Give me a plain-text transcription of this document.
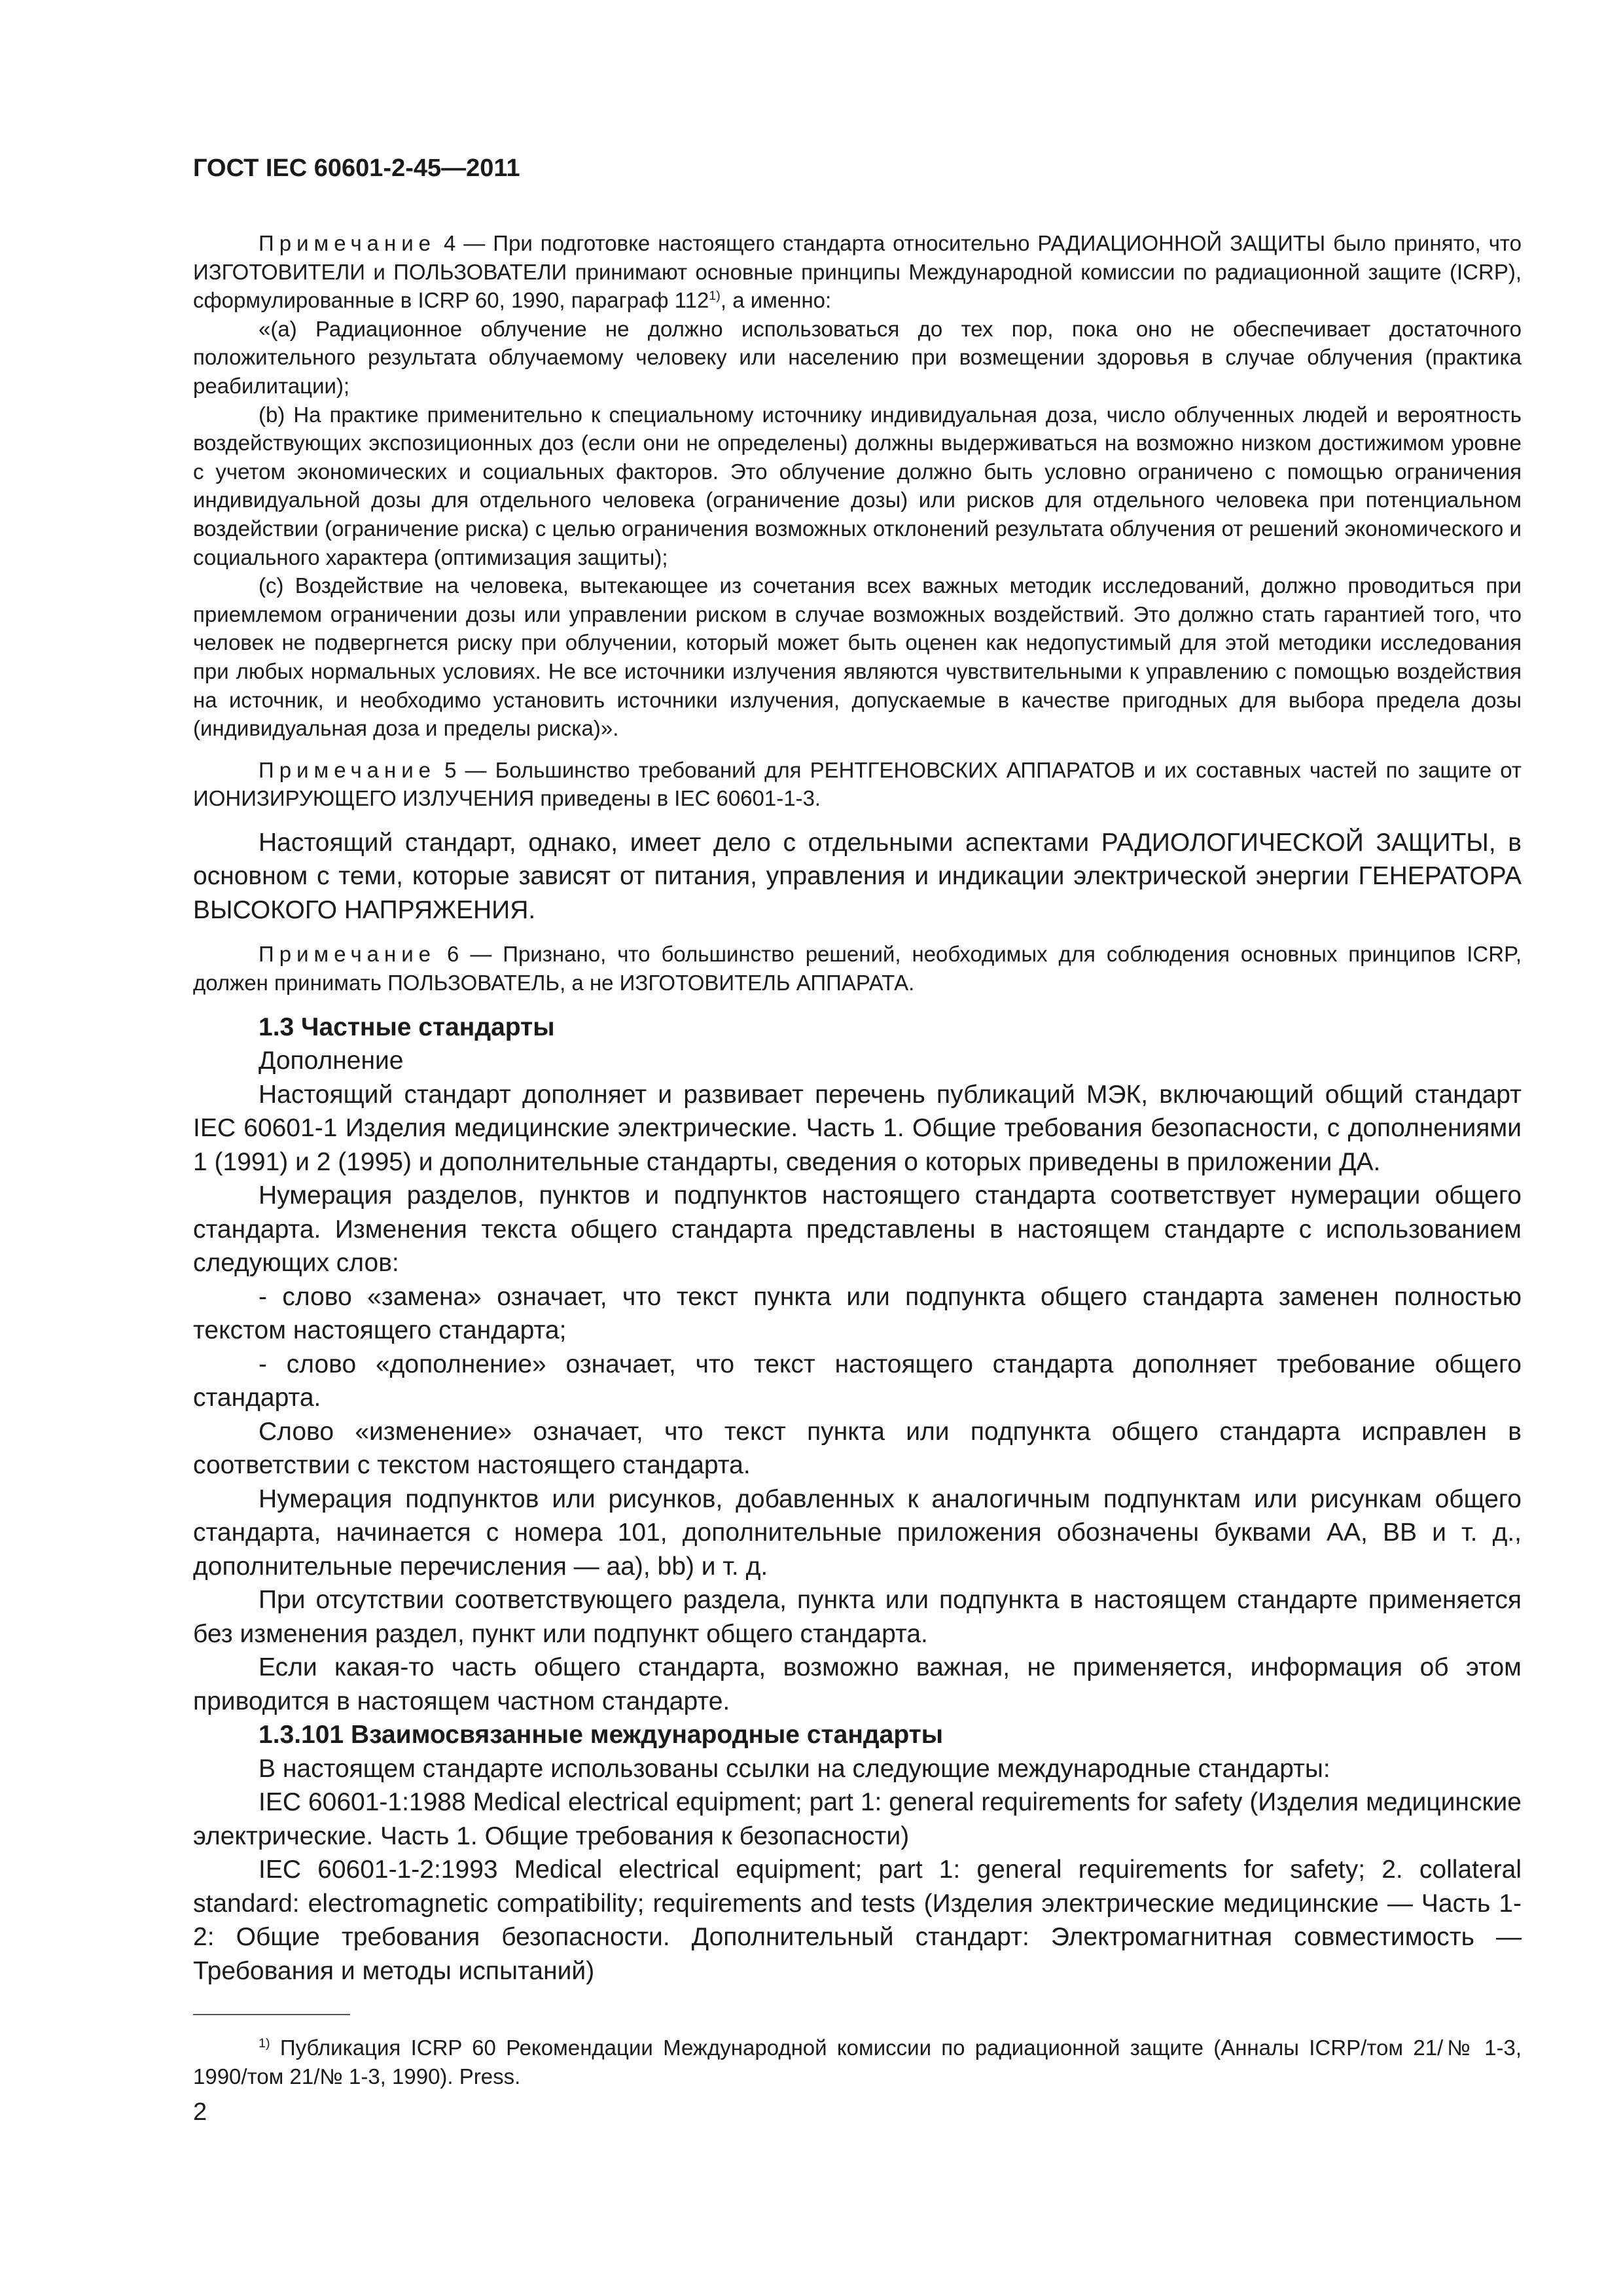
ГОСТ IEC 60601-2-45—2011

Примечание 4 — При подготовке настоящего стандарта относительно РАДИАЦИОННОЙ ЗАЩИТЫ было принято, что ИЗГОТОВИТЕЛИ и ПОЛЬЗОВАТЕЛИ принимают основные принципы Международной комиссии по радиационной защите (ICRP), сформулированные в ICRP 60, 1990, параграф 112$^{1)}$, а именно:

«(a) Радиационное облучение не должно использоваться до тех пор, пока оно не обеспечивает достаточного положительного результата облучаемому человеку или населению при возмещении здоровья в случае облучения (практика реабилитации);

(b) На практике применительно к специальному источнику индивидуальная доза, число облученных людей и вероятность воздействующих экспозиционных доз (если они не определены) должны выдерживаться на возможно низком достижимом уровне с учетом экономических и социальных факторов. Это облучение должно быть условно ограничено с помощью ограничения индивидуальной дозы для отдельного человека (ограничение дозы) или рисков для отдельного человека при потенциальном воздействии (ограничение риска) с целью ограничения возможных отклонений результата облучения от решений экономического и социального характера (оптимизация защиты);

(c) Воздействие на человека, вытекающее из сочетания всех важных методик исследований, должно проводиться при приемлемом ограничении дозы или управлении риском в случае возможных воздействий. Это должно стать гарантией того, что человек не подвергнется риску при облучении, который может быть оценен как недопустимый для этой методики исследования при любых нормальных условиях. Не все источники излучения являются чувствительными к управлению с помощью воздействия на источник, и необходимо установить источники излучения, допускаемые в качестве пригодных для выбора предела дозы (индивидуальная доза и пределы риска)».

Примечание 5 — Большинство требований для РЕНТГЕНОВСКИХ АППАРАТОВ и их составных частей по защите от ИОНИЗИРУЮЩЕГО ИЗЛУЧЕНИЯ приведены в IEC 60601-1-3.

Настоящий стандарт, однако, имеет дело с отдельными аспектами РАДИОЛОГИЧЕСКОЙ ЗАЩИТЫ, в основном с теми, которые зависят от питания, управления и индикации электрической энергии ГЕНЕРАТОРА ВЫСОКОГО НАПРЯЖЕНИЯ.

Примечание 6 — Признано, что большинство решений, необходимых для соблюдения основных принципов ICRP, должен принимать ПОЛЬЗОВАТЕЛЬ, а не ИЗГОТОВИТЕЛЬ АППАРАТА.

1.3 Частные стандарты

Дополнение

Настоящий стандарт дополняет и развивает перечень публикаций МЭК, включающий общий стандарт IEC 60601-1 Изделия медицинские электрические. Часть 1. Общие требования безопасности, с дополнениями 1 (1991) и 2 (1995) и дополнительные стандарты, сведения о которых приведены в приложении ДА.

Нумерация разделов, пунктов и подпунктов настоящего стандарта соответствует нумерации общего стандарта. Изменения текста общего стандарта представлены в настоящем стандарте с использованием следующих слов:

- слово «замена» означает, что текст пункта или подпункта общего стандарта заменен полностью текстом настоящего стандарта;

- слово «дополнение» означает, что текст настоящего стандарта дополняет требование общего стандарта.

Слово «изменение» означает, что текст пункта или подпункта общего стандарта исправлен в соответствии с текстом настоящего стандарта.

Нумерация подпунктов или рисунков, добавленных к аналогичным подпунктам или рисункам общего стандарта, начинается с номера 101, дополнительные приложения обозначены буквами АА, ВВ и т. д., дополнительные перечисления — аа), bb) и т. д.

При отсутствии соответствующего раздела, пункта или подпункта в настоящем стандарте применяется без изменения раздел, пункт или подпункт общего стандарта.

Если какая-то часть общего стандарта, возможно важная, не применяется, информация об этом приводится в настоящем частном стандарте.

1.3.101 Взаимосвязанные международные стандарты

В настоящем стандарте использованы ссылки на следующие международные стандарты:

IEC 60601-1:1988 Medical electrical equipment; part 1: general requirements for safety (Изделия медицинские электрические. Часть 1. Общие требования к безопасности)

IEC 60601-1-2:1993 Medical electrical equipment; part 1: general requirements for safety; 2. collateral standard: electromagnetic compatibility; requirements and tests (Изделия электрические медицинские — Часть 1-2: Общие требования безопасности. Дополнительный стандарт: Электромагнитная совместимость — Требования и методы испытаний)

$^{1)}$ Публикация ICRP 60 Рекомендации Международной комиссии по радиационной защите (Анналы ICRP/том 21/№ 1-3, 1990/том 21/№ 1-3, 1990). Press.

2
